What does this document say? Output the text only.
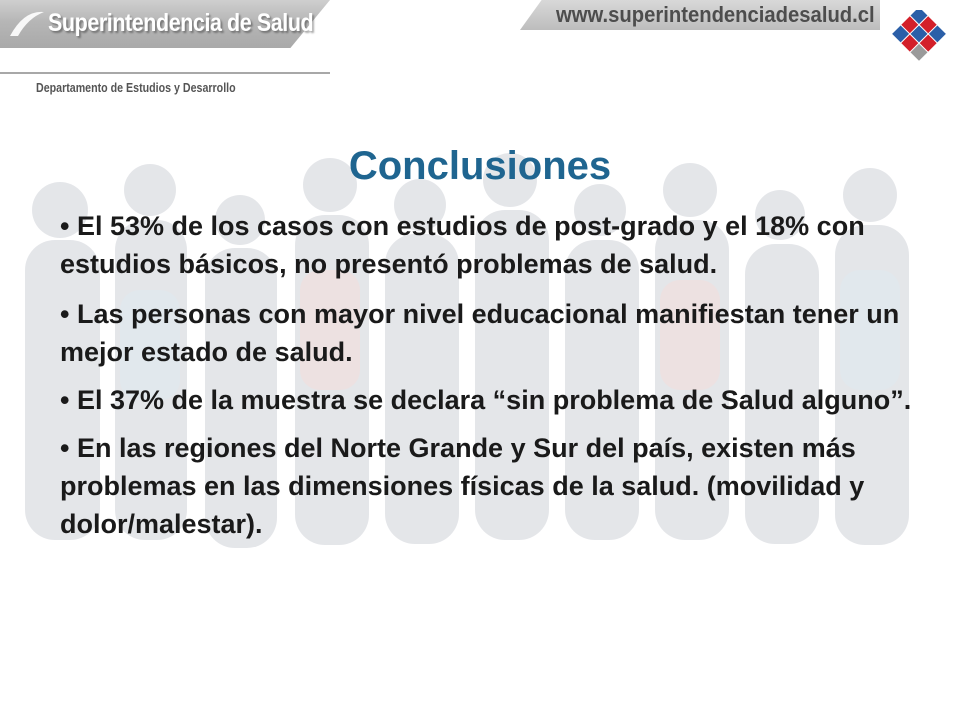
Superintendencia de Salud	www.superintendenciadesalud.cl
Departamento de Estudios y Desarrollo
Conclusiones
• El 53% de los casos con estudios de post-grado y el 18% con estudios básicos, no presentó problemas de salud.
• Las personas con mayor nivel educacional manifiestan tener un mejor estado de salud.
• El 37% de la muestra se declara “sin problema de Salud alguno”.
• En las regiones del Norte Grande y Sur del país, existen más problemas en las dimensiones físicas de la salud. (movilidad y dolor/malestar).
